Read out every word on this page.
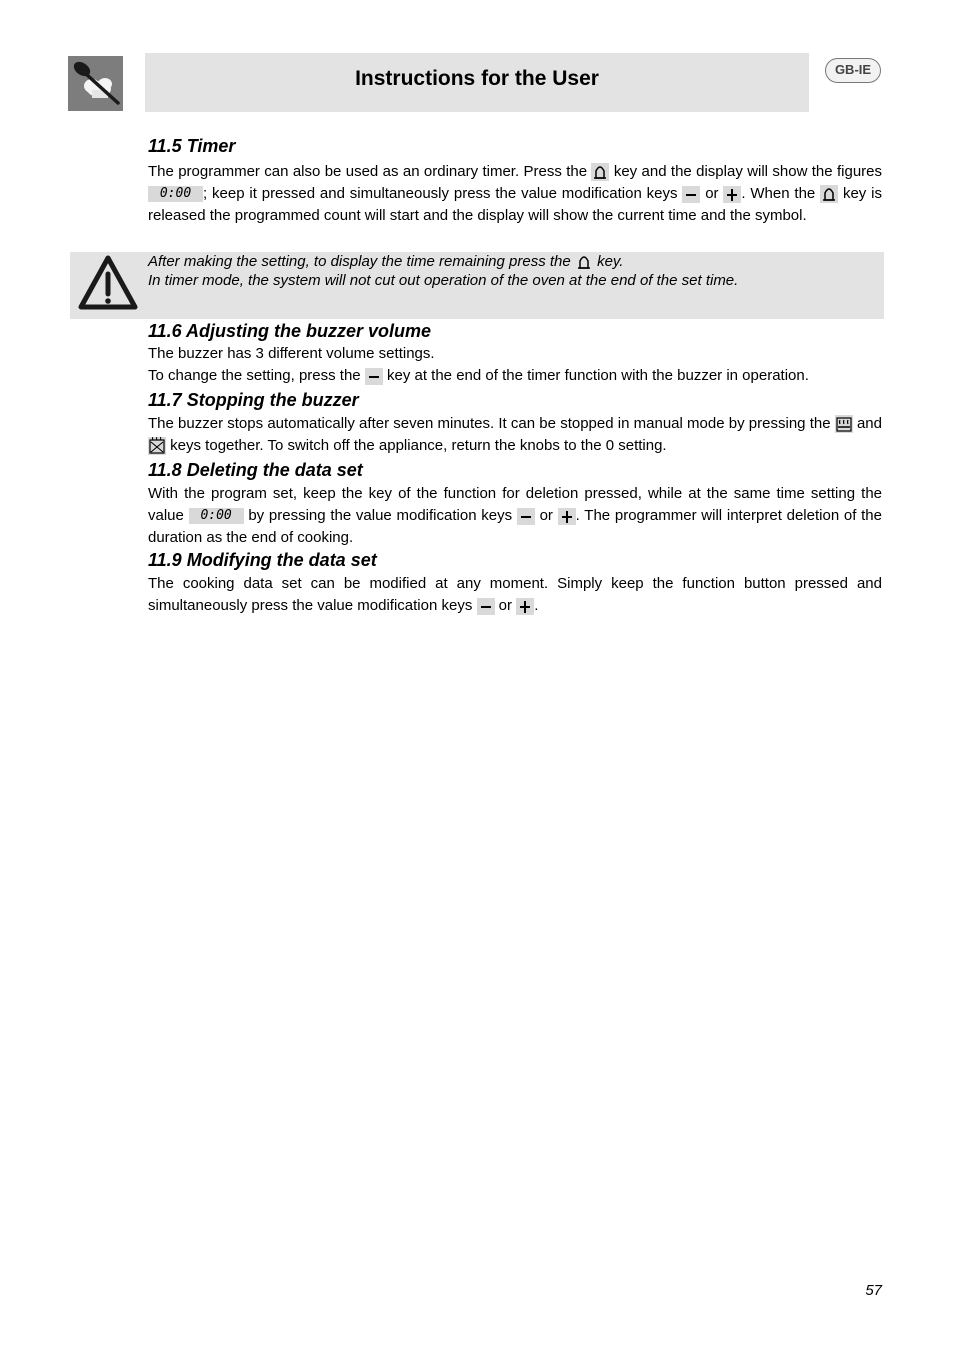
Instructions for the User	GB-IE
11.5 Timer

The programmer can also be used as an ordinary timer. Press the key and the display will show the figures 0:00 ; keep it pressed and simultaneously press the value modification keys or . When the key is released the programmed count will start and the display will show the current time and the symbol.

After making the setting, to display the time remaining press the key.
In timer mode, the system will not cut out operation of the oven at the end of the set time.
11.6 Adjusting the buzzer volume

The buzzer has 3 different volume settings.

To change the setting, press the key at the end of the timer function with the buzzer in operation.

11.7 Stopping the buzzer

The buzzer stops automatically after seven minutes. It can be stopped in manual mode by pressing the and  keys together. To switch off the appliance, return the knobs to the 0 setting.

11.8 Deleting the data set

With the program set, keep the key of the function for deletion pressed, while at the same time setting the value 0:00 by pressing the value modification keys or . The programmer will interpret deletion of the duration as the end of cooking.

11.9 Modifying the data set

The cooking data set can be modified at any moment. Simply keep the function button pressed and simultaneously press the value modification keys or .

57
